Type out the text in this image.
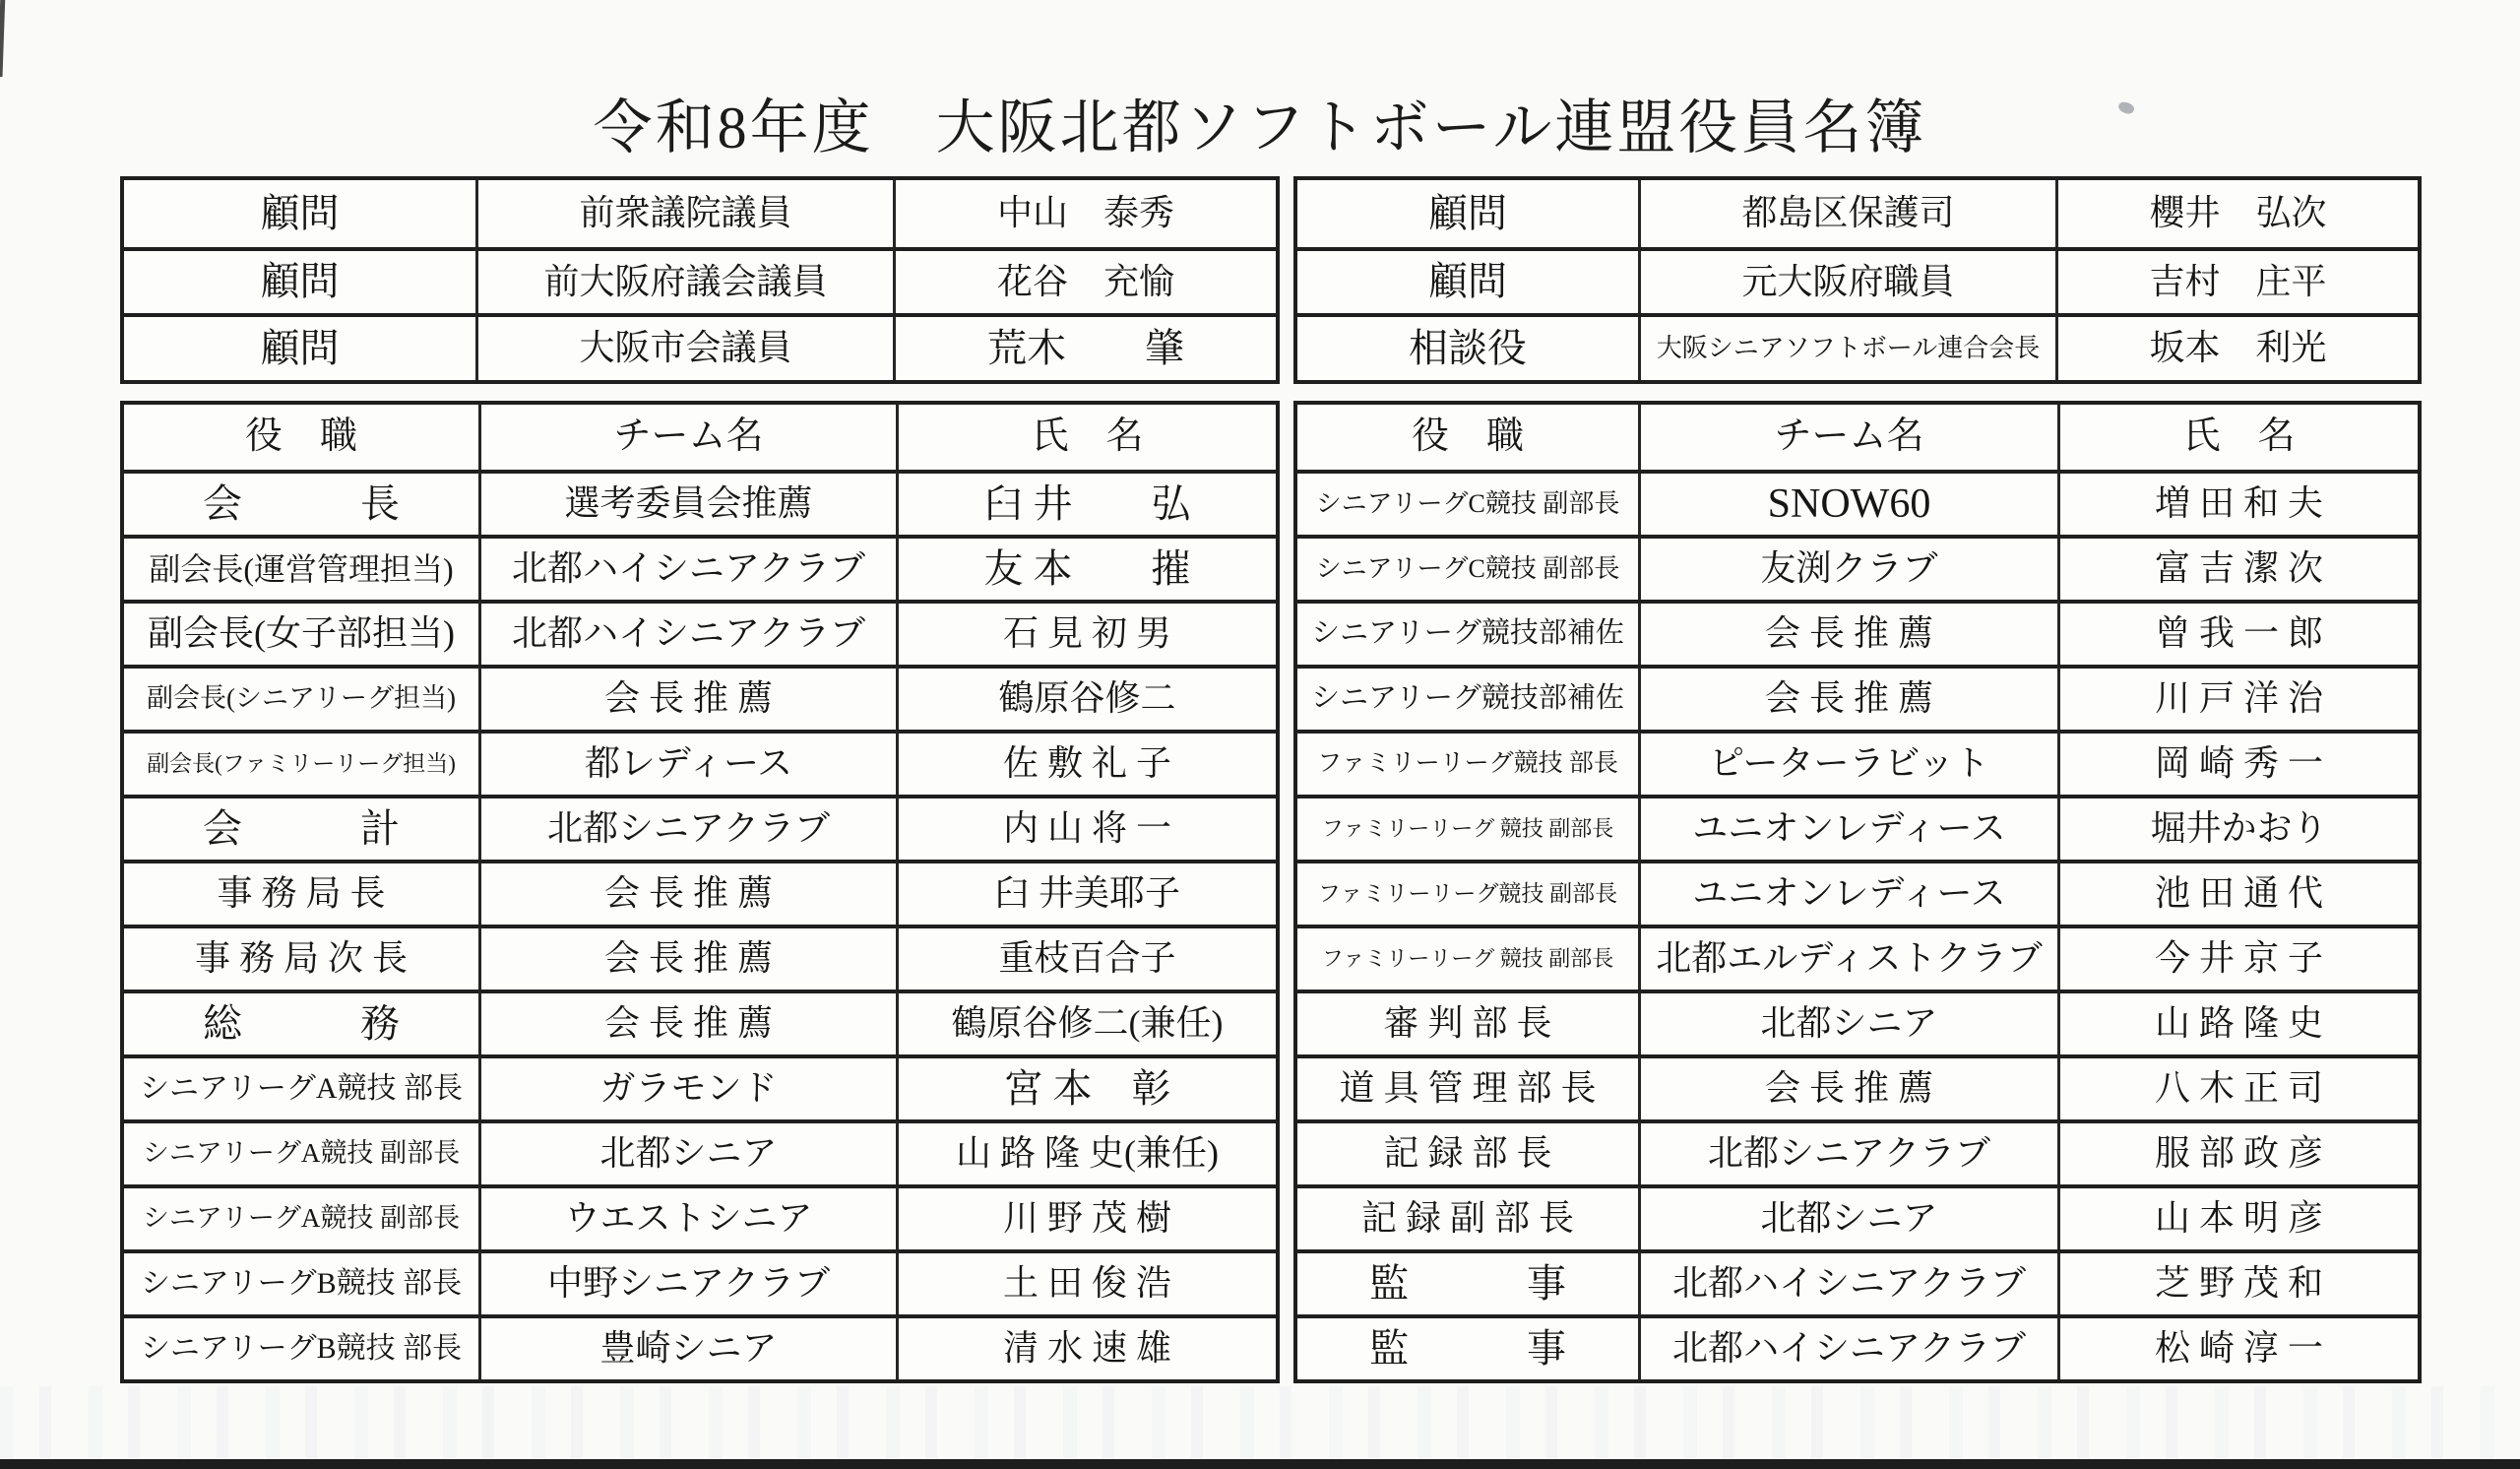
令和8年度　大阪北都ソフトボール連盟役員名簿
顧問	前衆議院議員	中山　泰秀
顧問	前大阪府議会議員	花谷　充愉
顧問	大阪市会議員	荒木　　肇
顧問	都島区保護司	櫻井　弘次
顧問	元大阪府職員	吉村　庄平
相談役	大阪シニアソフトボール連合会長	坂本　利光
役　職	チーム名	氏　名
会　　　長	選考委員会推薦	臼 井　　弘
副会長(運営管理担当)	北都ハイシニアクラブ	友 本　　摧
副会長(女子部担当)	北都ハイシニアクラブ	石 見 初 男
副会長(シニアリーグ担当)	会 長 推 薦	鶴原谷修二
副会長(ファミリーリーグ担当)	都レディース	佐 敷 礼 子
会　　　計	北都シニアクラブ	内 山 将 一
事 務 局 長	会 長 推 薦	臼 井美耶子
事 務 局 次 長	会 長 推 薦	重枝百合子
総　　　務	会 長 推 薦	鶴原谷修二(兼任)
シニアリーグA競技 部長	ガラモンド	宮 本　彰
シニアリーグA競技 副部長	北都シニア	山 路 隆 史(兼任)
シニアリーグA競技 副部長	ウエストシニア	川 野 茂 樹
シニアリーグB競技 部長	中野シニアクラブ	土 田 俊 浩
シニアリーグB競技 部長	豊崎シニア	清 水 速 雄
役　職	チーム名	氏　名
シニアリーグC競技 副部長	SNOW60	増 田 和 夫
シニアリーグC競技 副部長	友渕クラブ	富 吉 潔 次
シニアリーグ競技部補佐	会 長 推 薦	曾 我 一 郎
シニアリーグ競技部補佐	会 長 推 薦	川 戸 洋 治
ファミリーリーグ競技 部長	ピーターラビット	岡 崎 秀 一
ファミリーリーグ 競技 副部長	ユニオンレディース	堀井かおり
ファミリーリーグ競技 副部長	ユニオンレディース	池 田 通 代
ファミリーリーグ 競技 副部長	北都エルディストクラブ	今 井 京 子
審 判 部 長	北都シニア	山 路 隆 史
道 具 管 理 部 長	会 長 推 薦	八 木 正 司
記 録 部 長	北都シニアクラブ	服 部 政 彦
記 録 副 部 長	北都シニア	山 本 明 彦
監　　　事	北都ハイシニアクラブ	芝 野 茂 和
監　　　事	北都ハイシニアクラブ	松 崎 淳 一
